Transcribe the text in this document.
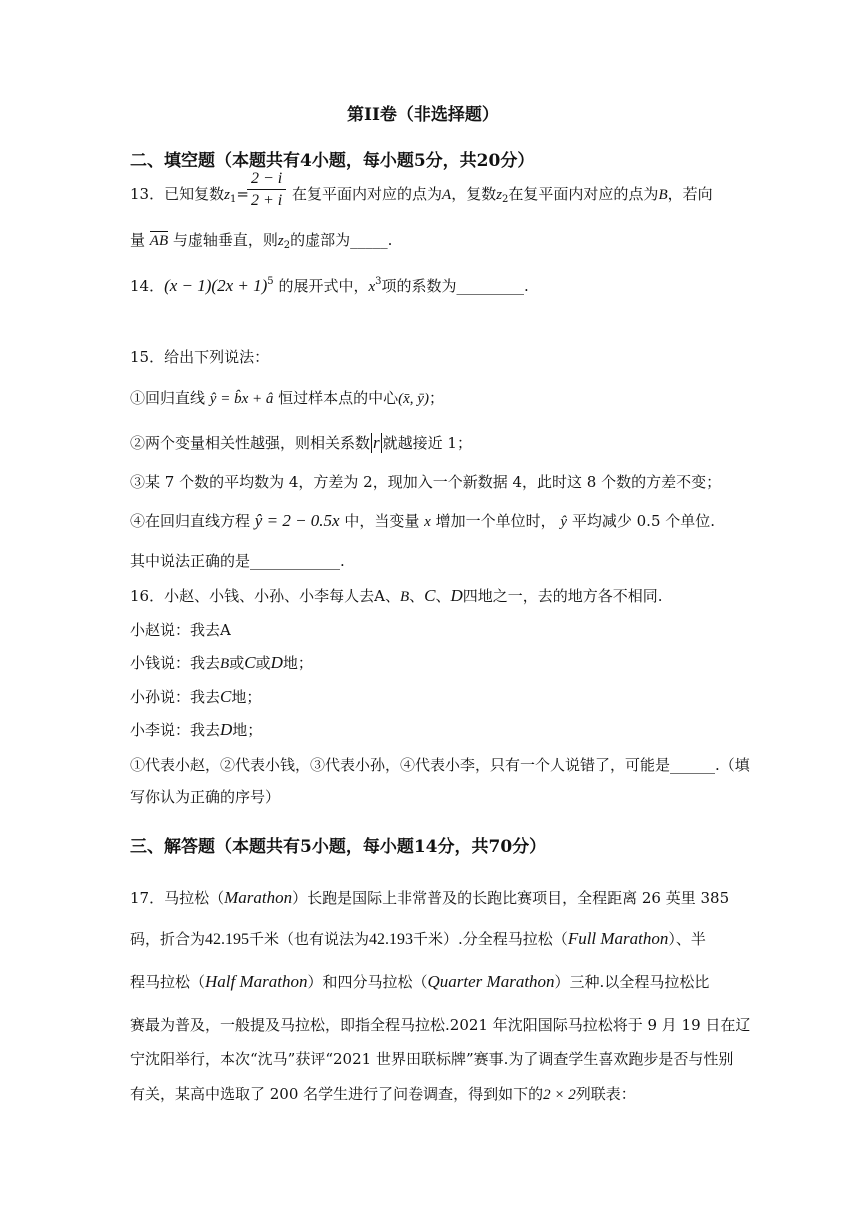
第II卷（非选择题）
二、填空题（本题共有4小题，每小题5分，共20分）
13．已知复数$z_1=$
$\frac{2 - i}{2 + i}$ 在复平面内对应的点为A，复数$z_2$在复平面内对应的点为B，若向
量 AB 与虚轴垂直，则$z_2$的虚部为_____.
14．$(x - 1)(2x + 1)^5$ 的展开式中，$x^3$项的系数为_________.
15．给出下列说法：
①回归直线 ŷ = b̂x + â 恒过样本点的中心(x̄, ȳ)；
②两个变量相关性越强，则相关系数 r 就越接近 1；
③某 7 个数的平均数为 4，方差为 2，现加入一个新数据 4，此时这 8 个数的方差不变；
④在回归直线方程 ŷ = 2 − 0.5x 中，当变量 x 增加一个单位时， ŷ 平均减少 0.5 个单位.
其中说法正确的是____________.
16．小赵、小钱、小孙、小李每人去A、B、C、D四地之一，去的地方各不相同.
小赵说：我去A
小钱说：我去B或C或D地；
小孙说：我去C地；
小李说：我去D地；
①代表小赵，②代表小钱，③代表小孙，④代表小李，只有一个人说错了，可能是______.（填
写你认为正确的序号）
三、解答题（本题共有5小题，每小题14分，共70分）
17．马拉松（Marathon）长跑是国际上非常普及的长跑比赛项目，全程距离 26 英里 385
码，折合为42.195千米（也有说法为42.193千米）.分全程马拉松（Full Marathon）、半
程马拉松（Half Marathon）和四分马拉松（Quarter Marathon）三种.以全程马拉松比
赛最为普及，一般提及马拉松，即指全程马拉松.2021 年沈阳国际马拉松将于 9 月 19 日在辽
宁沈阳举行，本次“沈马”获评“2021 世界田联标牌”赛事.为了调查学生喜欢跑步是否与性别
有关，某高中选取了 200 名学生进行了问卷调查，得到如下的2 × 2列联表：
